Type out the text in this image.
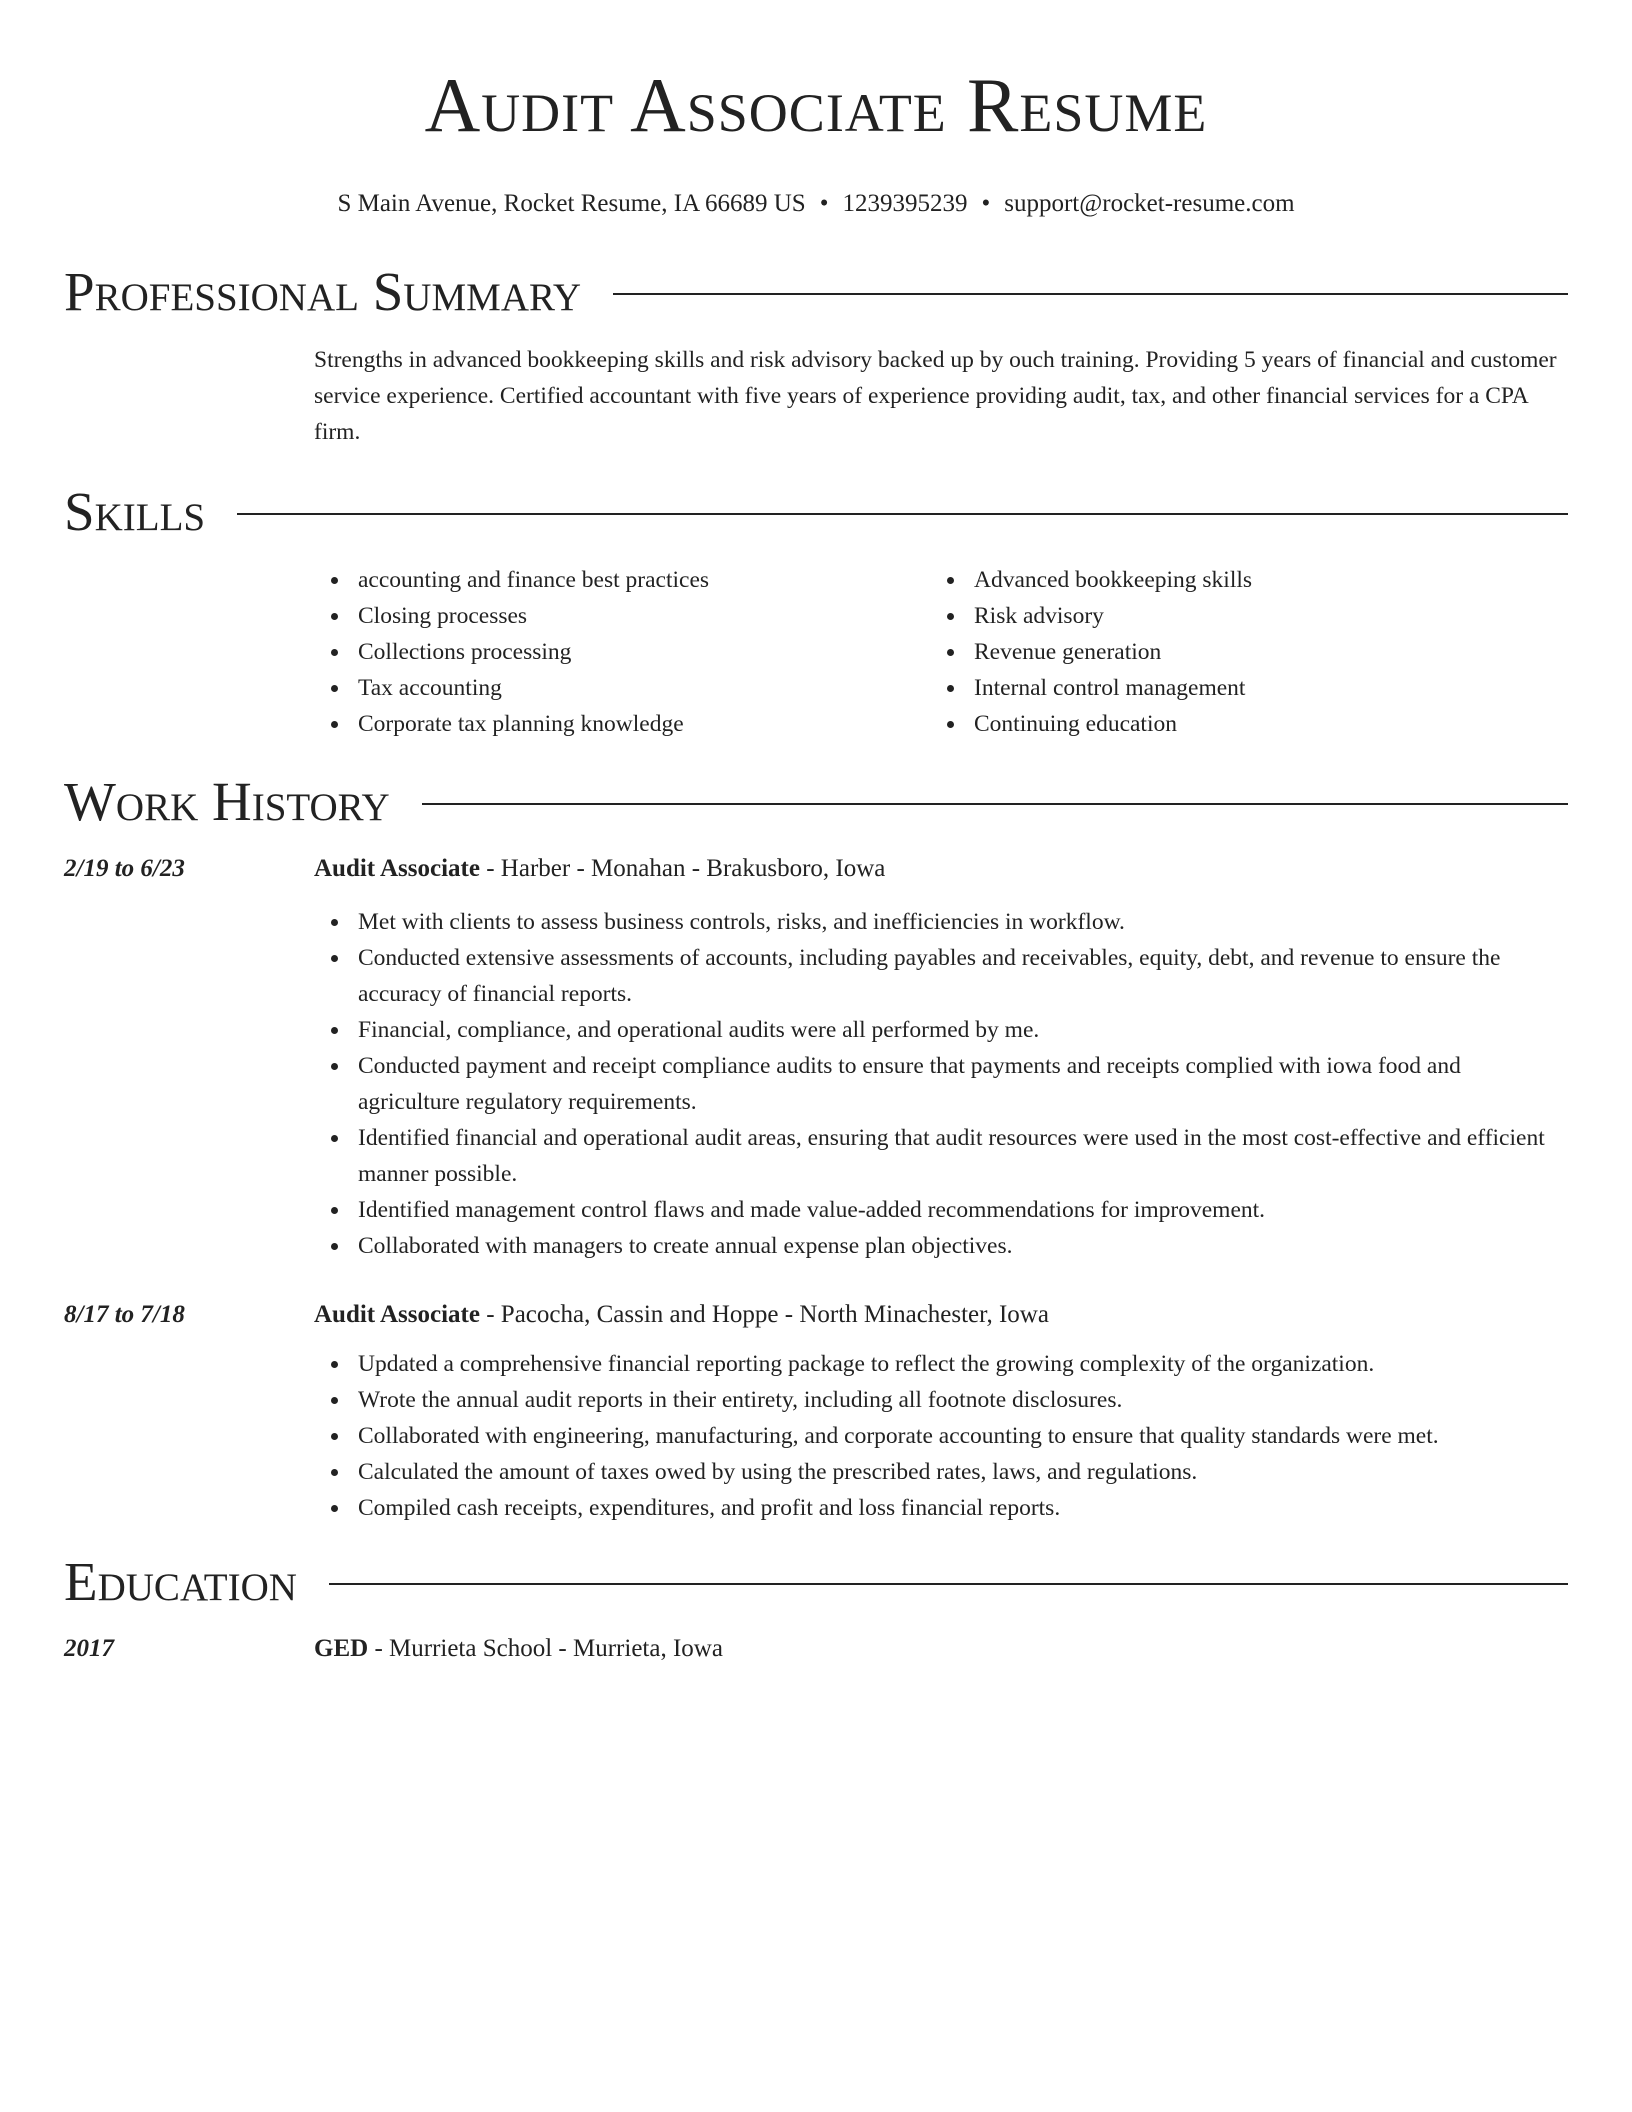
Audit Associate Resume
S Main Avenue, Rocket Resume, IA 66689 US • 1239395239 • support@rocket-resume.com
Professional Summary
Strengths in advanced bookkeeping skills and risk advisory backed up by ouch training. Providing 5 years of financial and customer service experience. Certified accountant with five years of experience providing audit, tax, and other financial services for a CPA firm.
Skills
accounting and finance best practices
Closing processes
Collections processing
Tax accounting
Corporate tax planning knowledge
Advanced bookkeeping skills
Risk advisory
Revenue generation
Internal control management
Continuing education
Work History
2/19 to 6/23	Audit Associate - Harber - Monahan - Brakusboro, Iowa
Met with clients to assess business controls, risks, and inefficiencies in workflow.
Conducted extensive assessments of accounts, including payables and receivables, equity, debt, and revenue to ensure the accuracy of financial reports.
Financial, compliance, and operational audits were all performed by me.
Conducted payment and receipt compliance audits to ensure that payments and receipts complied with iowa food and agriculture regulatory requirements.
Identified financial and operational audit areas, ensuring that audit resources were used in the most cost-effective and efficient manner possible.
Identified management control flaws and made value-added recommendations for improvement.
Collaborated with managers to create annual expense plan objectives.
8/17 to 7/18	Audit Associate - Pacocha, Cassin and Hoppe - North Minachester, Iowa
Updated a comprehensive financial reporting package to reflect the growing complexity of the organization.
Wrote the annual audit reports in their entirety, including all footnote disclosures.
Collaborated with engineering, manufacturing, and corporate accounting to ensure that quality standards were met.
Calculated the amount of taxes owed by using the prescribed rates, laws, and regulations.
Compiled cash receipts, expenditures, and profit and loss financial reports.
Education
2017	GED - Murrieta School - Murrieta, Iowa
